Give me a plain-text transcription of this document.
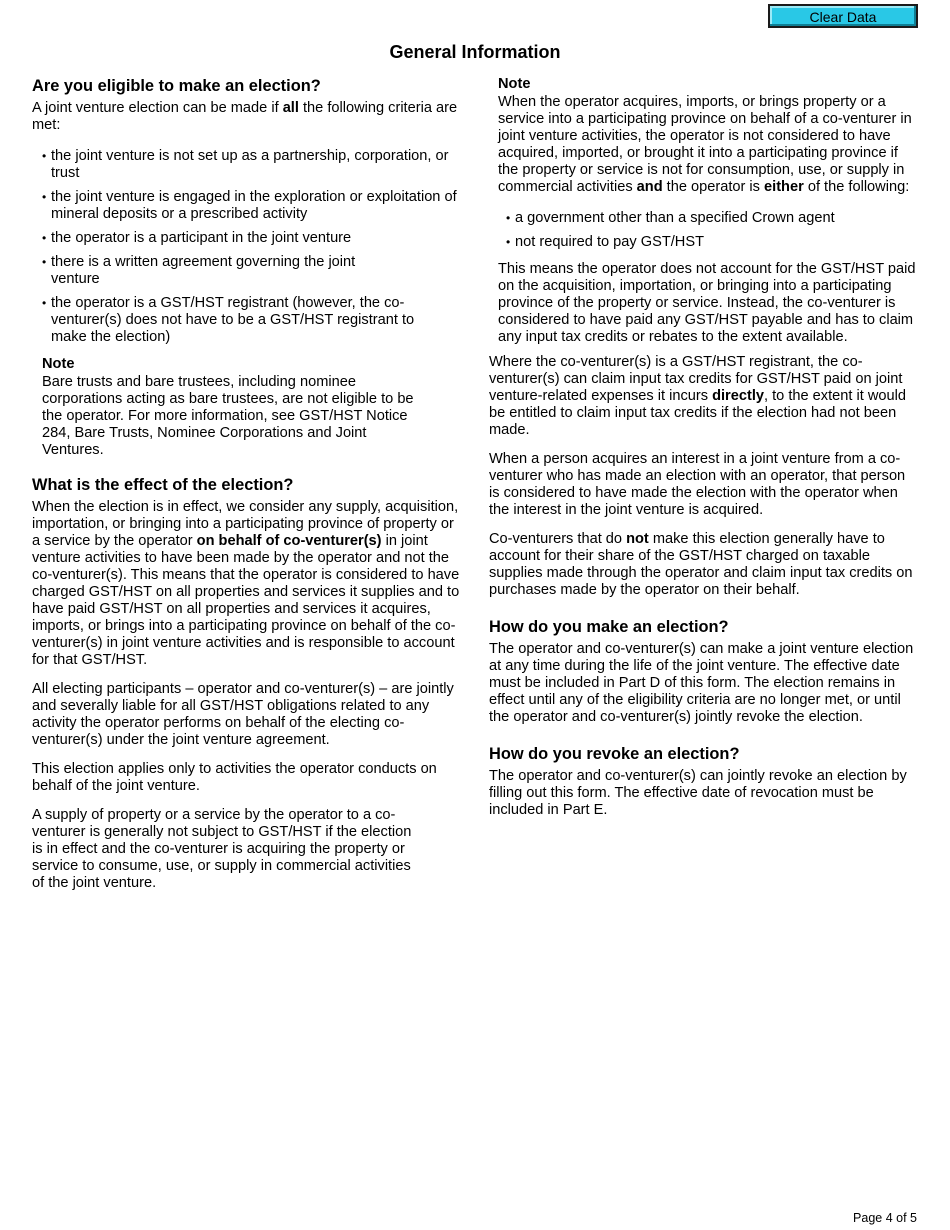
Clear Data
General Information
Are you eligible to make an election?

A joint venture election can be made if all the following criteria are met:

• the joint venture is not set up as a partnership, corporation, or trust
• the joint venture is engaged in the exploration or exploitation of mineral deposits or a prescribed activity
• the operator is a participant in the joint venture
• there is a written agreement governing the joint venture
• the operator is a GST/HST registrant (however, the co-venturer(s) does not have to be a GST/HST registrant to make the election)
Note

Bare trusts and bare trustees, including nominee corporations acting as bare trustees, are not eligible to be the operator. For more information, see GST/HST Notice 284, Bare Trusts, Nominee Corporations and Joint Ventures.

What is the effect of the election?

When the election is in effect, we consider any supply, acquisition, importation, or bringing into a participating province of property or a service by the operator on behalf of co-venturer(s) in joint venture activities to have been made by the operator and not the co-venturer(s). This means that the operator is considered to have charged GST/HST on all properties and services it supplies and to have paid GST/HST on all properties and services it acquires, imports, or brings into a participating province on behalf of the co-venturer(s) in joint venture activities and is responsible to account for that GST/HST.

All electing participants – operator and co-venturer(s) – are jointly and severally liable for all GST/HST obligations related to any activity the operator performs on behalf of the electing co-venturer(s) under the joint venture agreement.

This election applies only to activities the operator conducts on behalf of the joint venture.

A supply of property or a service by the operator to a co-venturer is generally not subject to GST/HST if the election is in effect and the co-venturer is acquiring the property or service to consume, use, or supply in commercial activities of the joint venture.

Note

When the operator acquires, imports, or brings property or a service into a participating province on behalf of a co-venturer in joint venture activities, the operator is not considered to have acquired, imported, or brought it into a participating province if the property or service is not for consumption, use, or supply in commercial activities and the operator is either of the following:

• a government other than a specified Crown agent
• not required to pay GST/HST

This means the operator does not account for the GST/HST paid on the acquisition, importation, or bringing into a participating province of the property or service. Instead, the co-venturer is considered to have paid any GST/HST payable and has to claim any input tax credits or rebates to the extent available.

Where the co-venturer(s) is a GST/HST registrant, the co-venturer(s) can claim input tax credits for GST/HST paid on joint venture-related expenses it incurs directly, to the extent it would be entitled to claim input tax credits if the election had not been made.

When a person acquires an interest in a joint venture from a co-venturer who has made an election with an operator, that person is considered to have made the election with the operator when the interest in the joint venture is acquired.

Co-venturers that do not make this election generally have to account for their share of the GST/HST charged on taxable supplies made through the operator and claim input tax credits on purchases made by the operator on their behalf.

How do you make an election?

The operator and co-venturer(s) can make a joint venture election at any time during the life of the joint venture. The effective date must be included in Part D of this form. The election remains in effect until any of the eligibility criteria are no longer met, or until the operator and co-venturer(s) jointly revoke the election.

How do you revoke an election?

The operator and co-venturer(s) can jointly revoke an election by filling out this form. The effective date of revocation must be included in Part E.

Page 4 of 5
